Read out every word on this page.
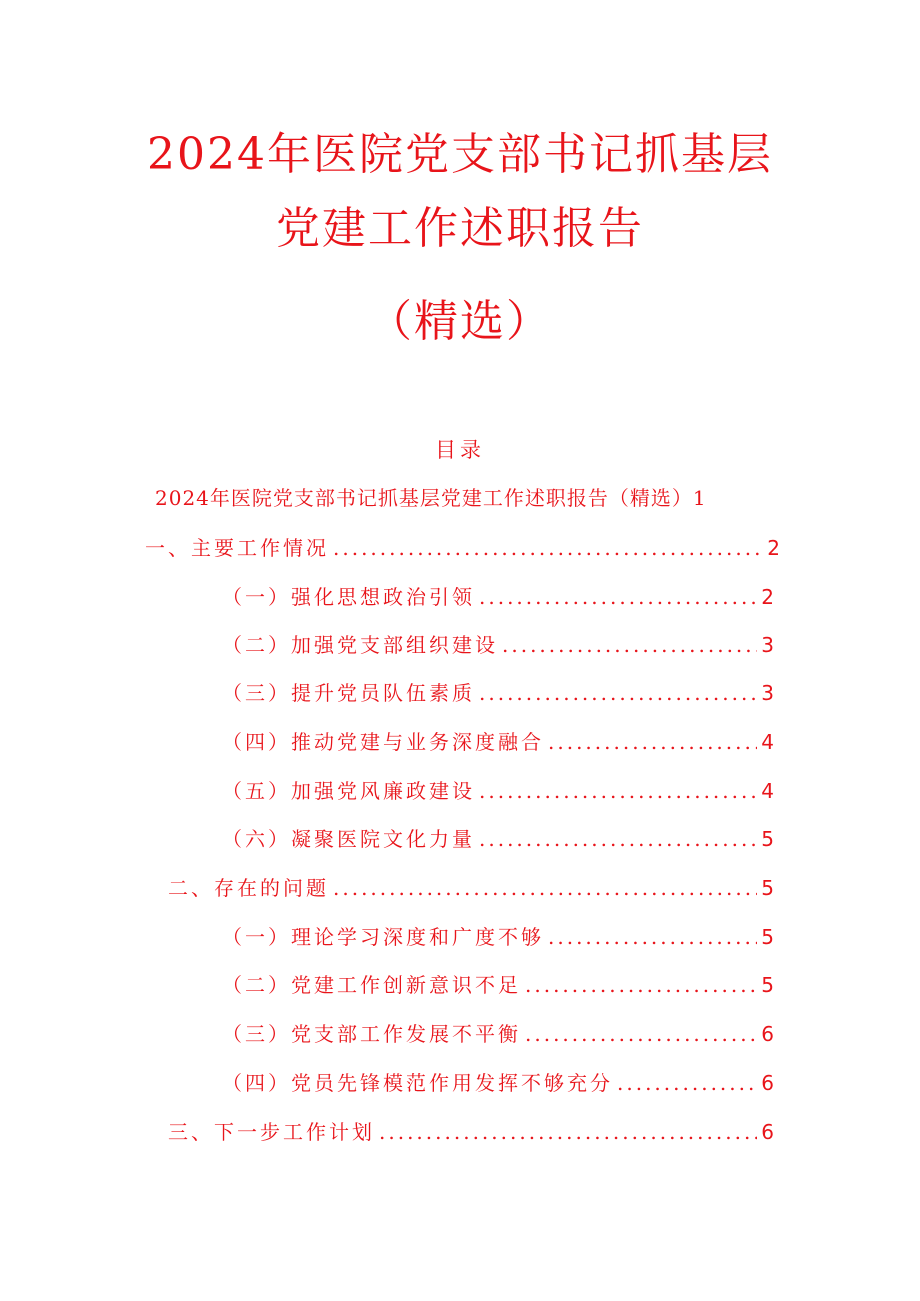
2024年医院党支部书记抓基层
党建工作述职报告
（精选）
目录
2024年医院党支部书记抓基层党建工作述职报告（精选）1
一、主要工作情况 .....	2
（一）强化思想政治引领 .....	2
（二）加强党支部组织建设 .....	3
（三）提升党员队伍素质 .....	3
（四）推动党建与业务深度融合 .....	4
（五）加强党风廉政建设 .....	4
（六）凝聚医院文化力量 .....	5
二、存在的问题 .....	5
（一）理论学习深度和广度不够 .....	5
（二）党建工作创新意识不足 .....	5
（三）党支部工作发展不平衡 .....	6
（四）党员先锋模范作用发挥不够充分 .....	6
三、下一步工作计划 .....	6
